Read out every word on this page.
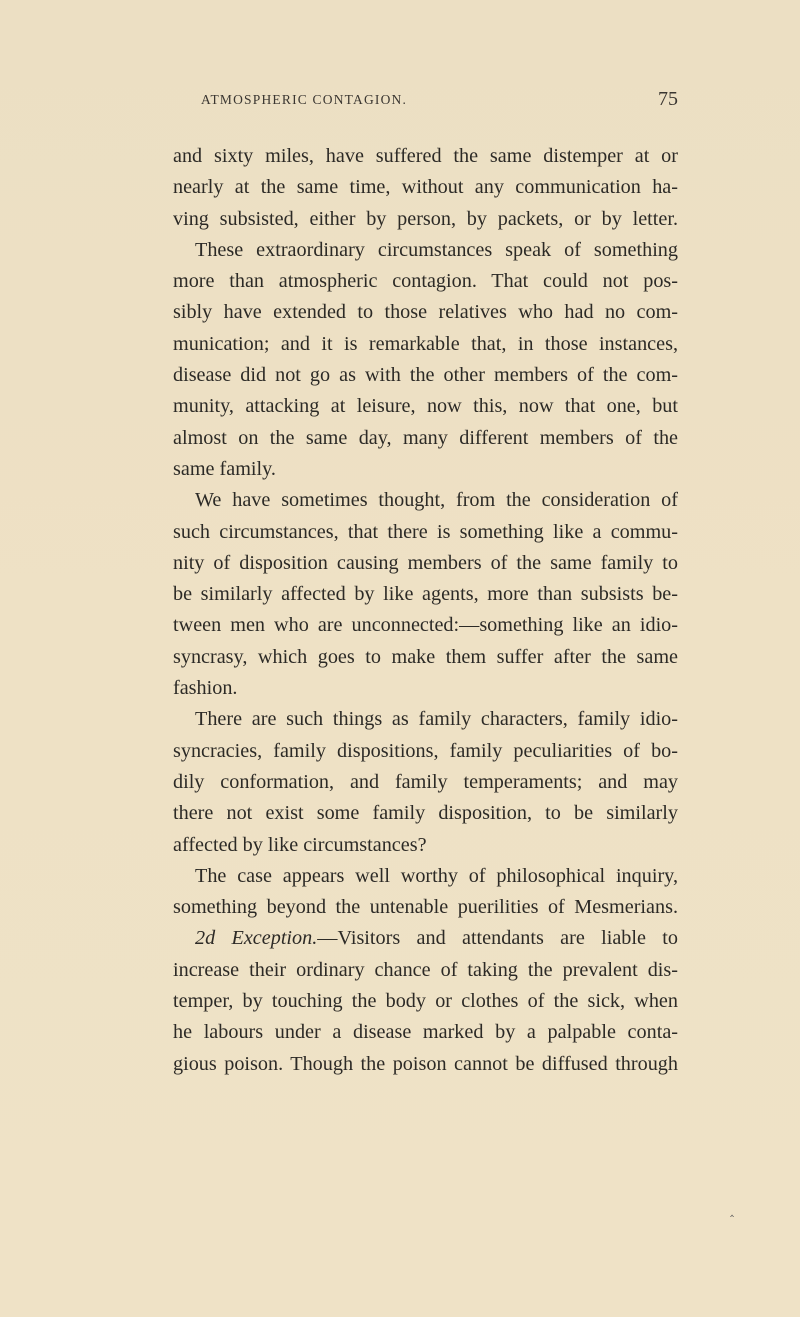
ATMOSPHERIC CONTAGION.	75
and sixty miles, have suffered the same distemper at or
nearly at the same time, without any communication ha-
ving subsisted, either by person, by packets, or by letter.
These extraordinary circumstances speak of something
more than atmospheric contagion. That could not pos-
sibly have extended to those relatives who had no com-
munication; and it is remarkable that, in those instances,
disease did not go as with the other members of the com-
munity, attacking at leisure, now this, now that one, but
almost on the same day, many different members of the
same family.
We have sometimes thought, from the consideration of
such circumstances, that there is something like a commu-
nity of disposition causing members of the same family to
be similarly affected by like agents, more than subsists be-
tween men who are unconnected:—something like an idio-
syncrasy, which goes to make them suffer after the same
fashion.
There are such things as family characters, family idio-
syncracies, family dispositions, family peculiarities of bo-
dily conformation, and family temperaments; and may
there not exist some family disposition, to be similarly
affected by like circumstances?
The case appears well worthy of philosophical inquiry,
something beyond the untenable puerilities of Mesmerians.
2d Exception.—Visitors and attendants are liable to
increase their ordinary chance of taking the prevalent dis-
temper, by touching the body or clothes of the sick, when
he labours under a disease marked by a palpable conta-
gious poison. Though the poison cannot be diffused through
‸
